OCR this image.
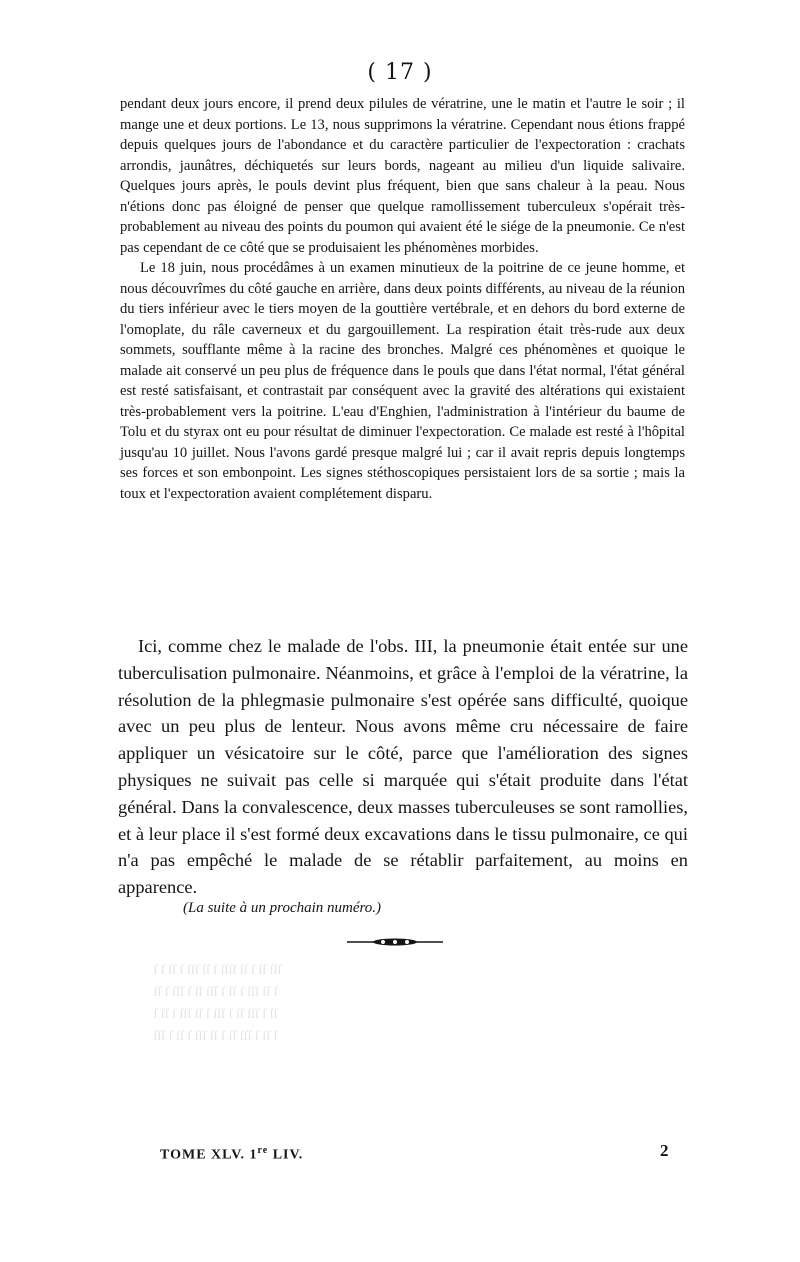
( 17 )

pendant deux jours encore, il prend deux pilules de vératrine, une le matin et l'autre le soir ; il mange une et deux portions. Le 13, nous supprimons la vératrine. Cependant nous étions frappé depuis quelques jours de l'abondance et du caractère particulier de l'expectoration : crachats arrondis, jaunâtres, déchiquetés sur leurs bords, nageant au milieu d'un liquide salivaire. Quelques jours après, le pouls devint plus fréquent, bien que sans chaleur à la peau. Nous n'étions donc pas éloigné de penser que quelque ramollissement tuberculeux s'opérait très-probablement au niveau des points du poumon qui avaient été le siége de la pneumonie. Ce n'est pas cependant de ce côté que se produisaient les phénomènes morbides.

Le 18 juin, nous procédâmes à un examen minutieux de la poitrine de ce jeune homme, et nous découvrîmes du côté gauche en arrière, dans deux points différents, au niveau de la réunion du tiers inférieur avec le tiers moyen de la gouttière vertébrale, et en dehors du bord externe de l'omoplate, du râle caverneux et du gargouillement. La respiration était très-rude aux deux sommets, soufflante même à la racine des bronches. Malgré ces phénomènes et quoique le malade ait conservé un peu plus de fréquence dans le pouls que dans l'état normal, l'état général est resté satisfaisant, et contrastait par conséquent avec la gravité des altérations qui existaient très-probablement vers la poitrine. L'eau d'Enghien, l'administration à l'intérieur du baume de Tolu et du styrax ont eu pour résultat de diminuer l'expectoration. Ce malade est resté à l'hôpital jusqu'au 10 juillet. Nous l'avons gardé presque malgré lui ; car il avait repris depuis longtemps ses forces et son embonpoint. Les signes stéthoscopiques persistaient lors de sa sortie ; mais la toux et l'expectoration avaient complétement disparu.

Ici, comme chez le malade de l'obs. III, la pneumonie était entée sur une tuberculisation pulmonaire. Néanmoins, et grâce à l'emploi de la vératrine, la résolution de la phlegmasie pulmonaire s'est opérée sans difficulté, quoique avec un peu plus de lenteur. Nous avons même cru nécessaire de faire appliquer un vésicatoire sur le côté, parce que l'amélioration des signes physiques ne suivait pas celle si marquée qui s'était produite dans l'état général. Dans la convalescence, deux masses tuberculeuses se sont ramollies, et à leur place il s'est formé deux excavations dans le tissu pulmonaire, ce qui n'a pas empêché le malade de se rétablir parfaitement, au moins en apparence.

(La suite à un prochain numéro.)
ſ ſ ſſ ſ ſſſ ſſ ſ ſſſſ ſſ ſ ſſ ſſſ
ſſ ſ ſſſ ſ ſſ ſſſ ſ ſſ ſ ſſſ ſſ ſ
ſ ſſ ſ ſſſ ſſ ſ ſſſ ſ ſſ ſſſ ſ ſſ
ſſſ ſ ſſ ſ ſſſ ſſ ſ ſſ ſſſ ſ ſſ ſ
TOME XLV. 1re LIV.	2
